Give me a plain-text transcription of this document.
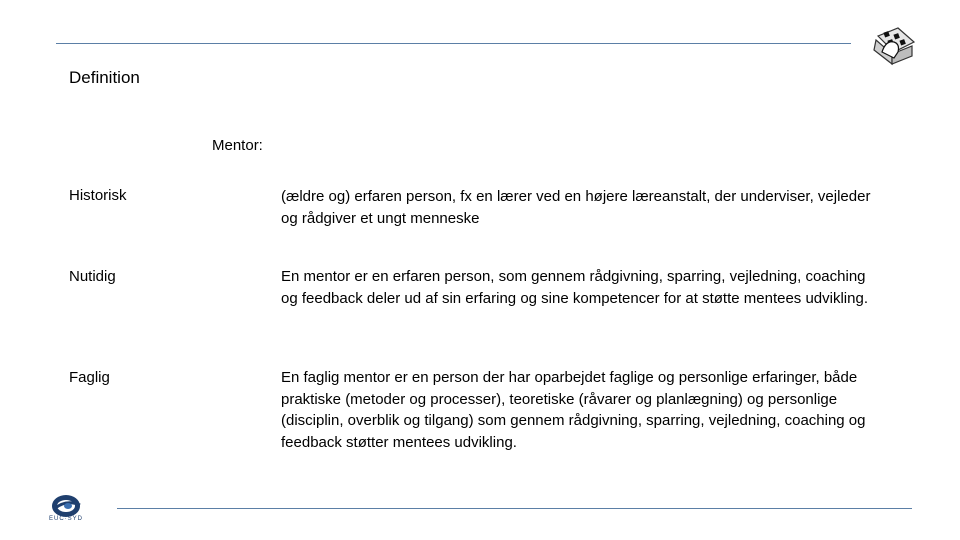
Definition
Mentor:
Historisk	(ældre og) erfaren person, fx en lærer ved en højere læreanstalt, der underviser, vejleder og rådgiver et ungt menneske
Nutidig	En mentor er en erfaren person, som gennem rådgivning, sparring, vejledning, coaching og feedback deler ud af sin erfaring og sine kompetencer for at støtte mentees udvikling.
Faglig	En faglig mentor er en person der har oparbejdet faglige og personlige erfaringer, både praktiske (metoder og processer), teoretiske (råvarer og planlægning) og personlige (disciplin, overblik og tilgang) som gennem rådgivning, sparring, vejledning, coaching og feedback støtter mentees udvikling.
EUC·SYD
